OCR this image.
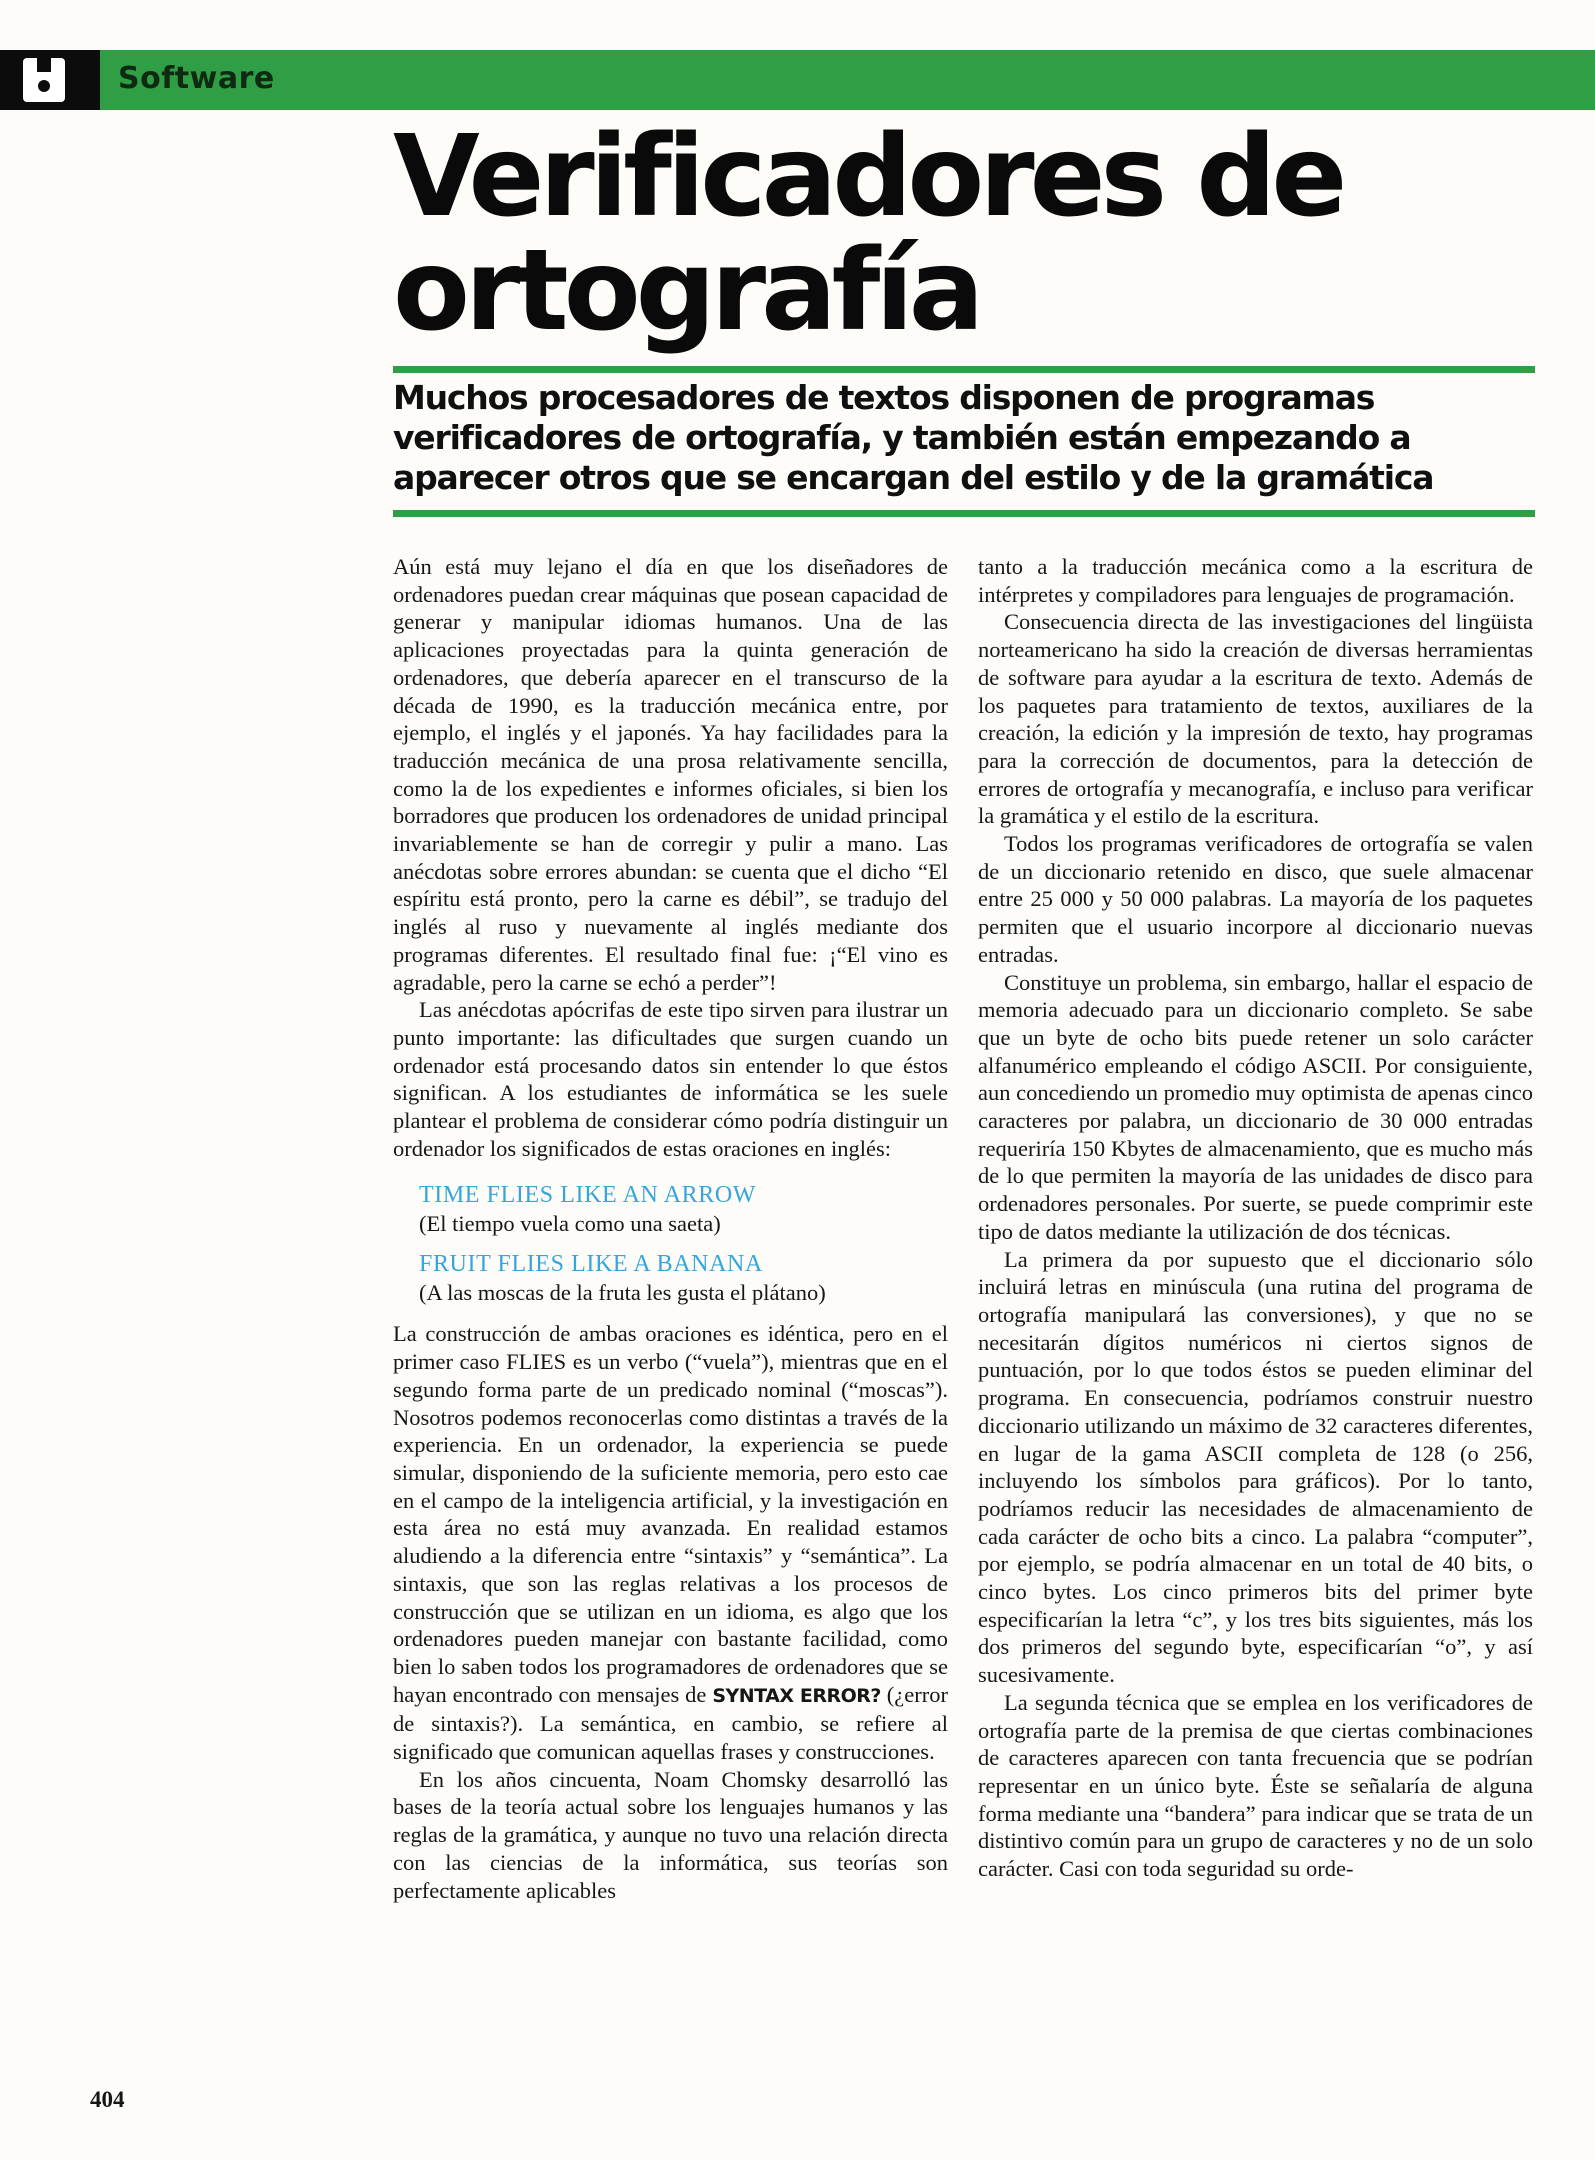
Software
Verificadores de
ortografía

Muchos procesadores de textos disponen de programas verificadores de ortografía, y también están empezando a aparecer otros que se encargan del estilo y de la gramática

Aún está muy lejano el día en que los diseñadores de ordenadores puedan crear máquinas que posean capacidad de generar y manipular idiomas humanos. Una de las aplicaciones proyectadas para la quinta generación de ordenadores, que debería aparecer en el transcurso de la década de 1990, es la traducción mecánica entre, por ejemplo, el inglés y el japonés. Ya hay facilidades para la traducción mecánica de una prosa relativamente sencilla, como la de los expedientes e informes oficiales, si bien los borradores que producen los ordenadores de unidad principal invariablemente se han de corregir y pulir a mano. Las anécdotas sobre errores abundan: se cuenta que el dicho “El espíritu está pronto, pero la carne es débil”, se tradujo del inglés al ruso y nuevamente al inglés mediante dos programas diferentes. El resultado final fue: ¡“El vino es agradable, pero la carne se echó a perder”!

Las anécdotas apócrifas de este tipo sirven para ilustrar un punto importante: las dificultades que surgen cuando un ordenador está procesando datos sin entender lo que éstos significan. A los estudiantes de informática se les suele plantear el problema de considerar cómo podría distinguir un ordenador los significados de estas oraciones en inglés:

TIME FLIES LIKE AN ARROW
(El tiempo vuela como una saeta)
FRUIT FLIES LIKE A BANANA
(A las moscas de la fruta les gusta el plátano)

La construcción de ambas oraciones es idéntica, pero en el primer caso FLIES es un verbo (“vuela”), mientras que en el segundo forma parte de un predicado nominal (“moscas”). Nosotros podemos reconocerlas como distintas a través de la experiencia. En un ordenador, la experiencia se puede simular, disponiendo de la suficiente memoria, pero esto cae en el campo de la inteligencia artificial, y la investigación en esta área no está muy avanzada. En realidad estamos aludiendo a la diferencia entre “sintaxis” y “semántica”. La sintaxis, que son las reglas relativas a los procesos de construcción que se utilizan en un idioma, es algo que los ordenadores pueden manejar con bastante facilidad, como bien lo saben todos los programadores de ordenadores que se hayan encontrado con mensajes de SYNTAX ERROR? (¿error de sintaxis?). La semántica, en cambio, se refiere al significado que comunican aquellas frases y construcciones.

En los años cincuenta, Noam Chomsky desarrolló las bases de la teoría actual sobre los lenguajes humanos y las reglas de la gramática, y aunque no tuvo una relación directa con las ciencias de la informática, sus teorías son perfectamente aplicables

tanto a la traducción mecánica como a la escritura de intérpretes y compiladores para lenguajes de programación.

Consecuencia directa de las investigaciones del lingüista norteamericano ha sido la creación de diversas herramientas de software para ayudar a la escritura de texto. Además de los paquetes para tratamiento de textos, auxiliares de la creación, la edición y la impresión de texto, hay programas para la corrección de documentos, para la detección de errores de ortografía y mecanografía, e incluso para verificar la gramática y el estilo de la escritura.

Todos los programas verificadores de ortografía se valen de un diccionario retenido en disco, que suele almacenar entre 25 000 y 50 000 palabras. La mayoría de los paquetes permiten que el usuario incorpore al diccionario nuevas entradas.

Constituye un problema, sin embargo, hallar el espacio de memoria adecuado para un diccionario completo. Se sabe que un byte de ocho bits puede retener un solo carácter alfanumérico empleando el código ASCII. Por consiguiente, aun concediendo un promedio muy optimista de apenas cinco caracteres por palabra, un diccionario de 30 000 entradas requeriría 150 Kbytes de almacenamiento, que es mucho más de lo que permiten la mayoría de las unidades de disco para ordenadores personales. Por suerte, se puede comprimir este tipo de datos mediante la utilización de dos técnicas.

La primera da por supuesto que el diccionario sólo incluirá letras en minúscula (una rutina del programa de ortografía manipulará las conversiones), y que no se necesitarán dígitos numéricos ni ciertos signos de puntuación, por lo que todos éstos se pueden eliminar del programa. En consecuencia, podríamos construir nuestro diccionario utilizando un máximo de 32 caracteres diferentes, en lugar de la gama ASCII completa de 128 (o 256, incluyendo los símbolos para gráficos). Por lo tanto, podríamos reducir las necesidades de almacenamiento de cada carácter de ocho bits a cinco. La palabra “computer”, por ejemplo, se podría almacenar en un total de 40 bits, o cinco bytes. Los cinco primeros bits del primer byte especificarían la letra “c”, y los tres bits siguientes, más los dos primeros del segundo byte, especificarían “o”, y así sucesivamente.

La segunda técnica que se emplea en los verificadores de ortografía parte de la premisa de que ciertas combinaciones de caracteres aparecen con tanta frecuencia que se podrían representar en un único byte. Éste se señalaría de alguna forma mediante una “bandera” para indicar que se trata de un distintivo común para un grupo de caracteres y no de un solo carácter. Casi con toda seguridad su orde-

404
